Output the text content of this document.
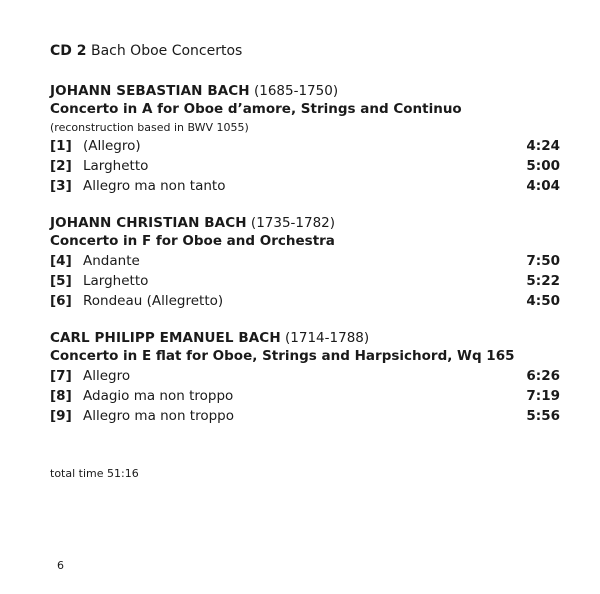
CD 2 Bach Oboe Concertos
JOHANN SEBASTIAN BACH (1685-1750)
Concerto in A for Oboe d’amore, Strings and Continuo
(reconstruction based in BWV 1055)
[1] (Allegro)	4:24
[2] Larghetto	5:00
[3] Allegro ma non tanto	4:04
JOHANN CHRISTIAN BACH (1735-1782)
Concerto in F for Oboe and Orchestra
[4] Andante	7:50
[5] Larghetto	5:22
[6] Rondeau (Allegretto)	4:50
CARL PHILIPP EMANUEL BACH (1714-1788)
Concerto in E flat for Oboe, Strings and Harpsichord, Wq 165
[7] Allegro	6:26
[8] Adagio ma non troppo	7:19
[9] Allegro ma non troppo	5:56
total time 51:16
6
